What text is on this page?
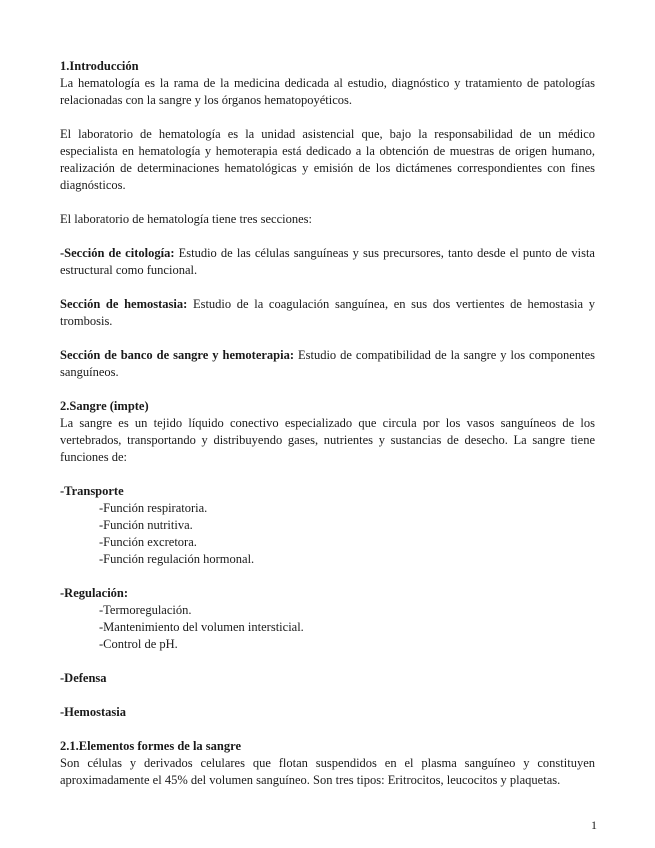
1.Introducción

La hematología es la rama de la medicina dedicada al estudio, diagnóstico y tratamiento de patologías relacionadas con la sangre y los órganos hematopoyéticos.

El laboratorio de hematología es la unidad asistencial que, bajo la responsabilidad de un médico especialista en hematología y hemoterapia está dedicado a la obtención de muestras de origen humano, realización de determinaciones hematológicas y emisión de los dictámenes correspondientes con fines diagnósticos.

El laboratorio de hematología tiene tres secciones:

-Sección de citología: Estudio de las células sanguíneas y sus precursores, tanto desde el punto de vista estructural como funcional.

Sección de hemostasia: Estudio de la coagulación sanguínea, en sus dos vertientes de hemostasia y trombosis.

Sección de banco de sangre y hemoterapia: Estudio de compatibilidad de la sangre y los componentes sanguíneos.

2.Sangre (impte)

La sangre es un tejido líquido conectivo especializado que circula por los vasos sanguíneos de los vertebrados, transportando y distribuyendo gases, nutrientes y sustancias de desecho. La sangre tiene funciones de:

-Transporte

-Función respiratoria.

-Función nutritiva.

-Función excretora.

-Función regulación hormonal.

-Regulación:

-Termoregulación.

-Mantenimiento del volumen intersticial.

-Control de pH.

-Defensa

-Hemostasia

2.1.Elementos formes de la sangre

Son células y derivados celulares que flotan suspendidos en el plasma sanguíneo y constituyen aproximadamente el 45% del volumen sanguíneo. Son tres tipos: Eritrocitos, leucocitos y plaquetas.

1
